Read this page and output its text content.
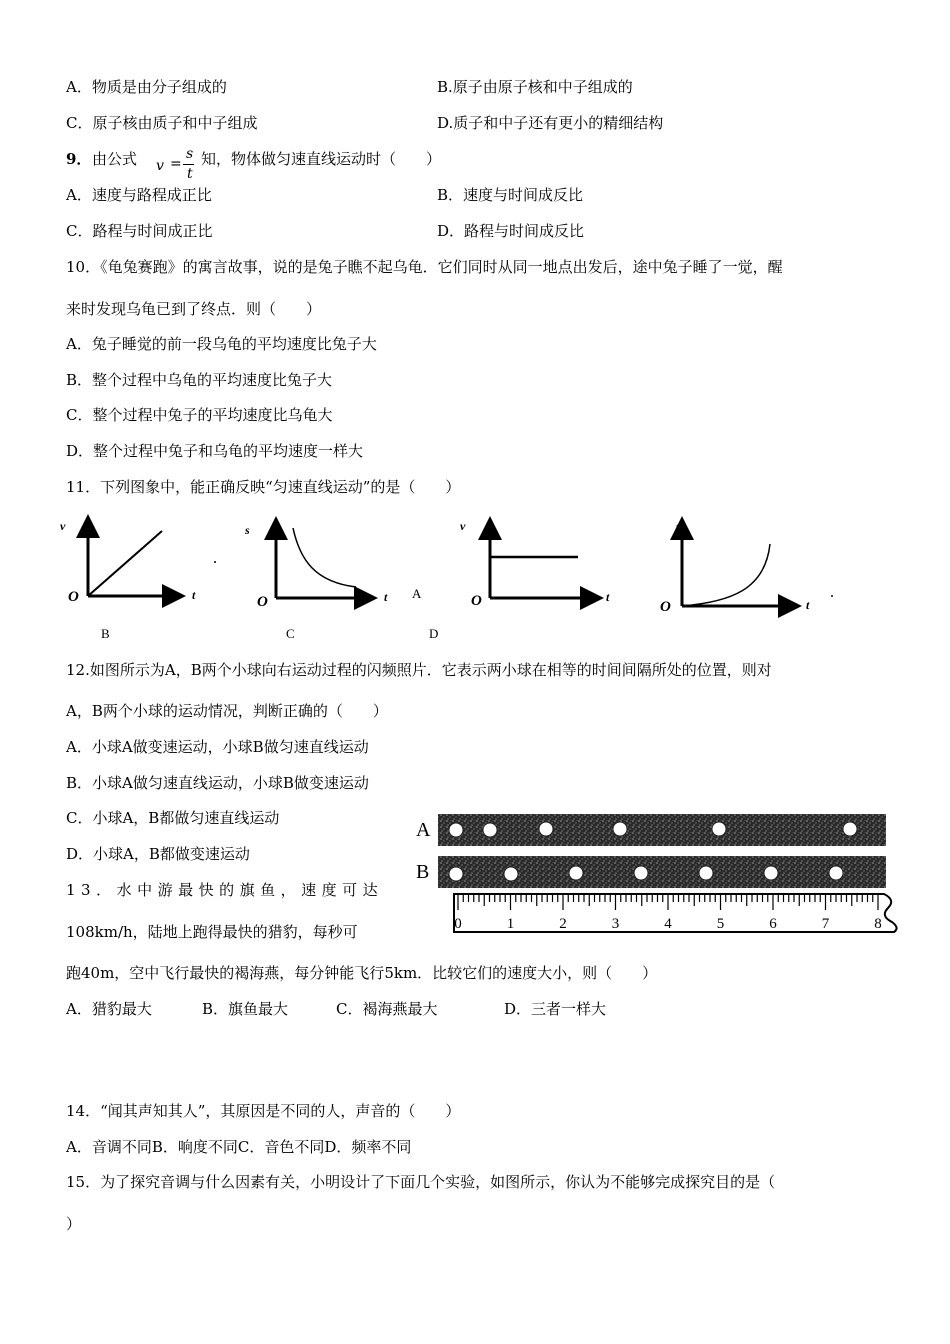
A．物质是由分子组成的	B.原子由原子核和中子组成的
C．原子核由质子和中子组成	D.质子和中子还有更小的精细结构
9． 由公式 v =
s
t
知，物体做匀速直线运动时（　　）
A．速度与路程成正比	B．速度与时间成反比
C．路程与时间成正比	D．路程与时间成反比
10．《龟兔赛跑》的寓言故事，说的是兔子瞧不起乌龟．它们同时从同一地点出发后，途中兔子睡了一觉，醒
来时发现乌龟已到了终点．则（　　）
A．兔子睡觉的前一段乌龟的平均速度比兔子大
B．整个过程中乌龟的平均速度比兔子大
C．整个过程中兔子的平均速度比乌龟大
D．整个过程中兔子和乌龟的平均速度一样大
11．下列图象中，能正确反映“匀速直线运动”的是（　　）
v
O	t
s
O	t A
v
O	t
s
O	t
B	C	D
12.如图所示为A，B两个小球向右运动过程的闪频照片．它表示两小球在相等的时间间隔所处的位置，则对
A，B两个小球的运动情况，判断正确的（　　）
A．小球A做变速运动，小球B做匀速直线运动
B．小球A做匀速直线运动，小球B做变速运动
C．小球A，B都做匀速直线运动
D．小球A，B都做变速运动
A
B
0	1	2	3	4	5	6	7	8
13．水中游最快的旗鱼，速度可达
108km/h，陆地上跑得最快的猎豹，每秒可
跑40m，空中飞行最快的褐海燕，每分钟能飞行5km．比较它们的速度大小，则（　　）
A．猎豹最大	B．旗鱼最大	C．褐海燕最大	D．三者一样大
14．“闻其声知其人”，其原因是不同的人，声音的（　　）
A．音调不同B．响度不同C．音色不同D．频率不同
15．为了探究音调与什么因素有关，小明设计了下面几个实验，如图所示，你认为不能够完成探究目的是（
）
